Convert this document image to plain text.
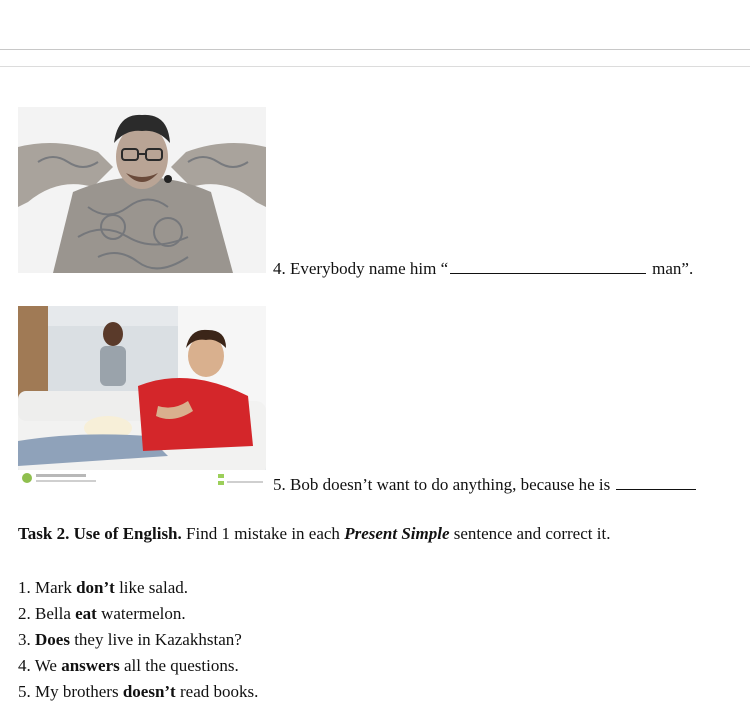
4. Everybody name him “	man”.
5. Bob doesn’t want to do anything, because he is
Task 2. Use of English. Find 1 mistake in each Present Simple sentence and correct it.
1. Mark don’t like salad.
2. Bella eat watermelon.
3. Does they live in Kazakhstan?
4. We answers all the questions.
5. My brothers doesn’t read books.
